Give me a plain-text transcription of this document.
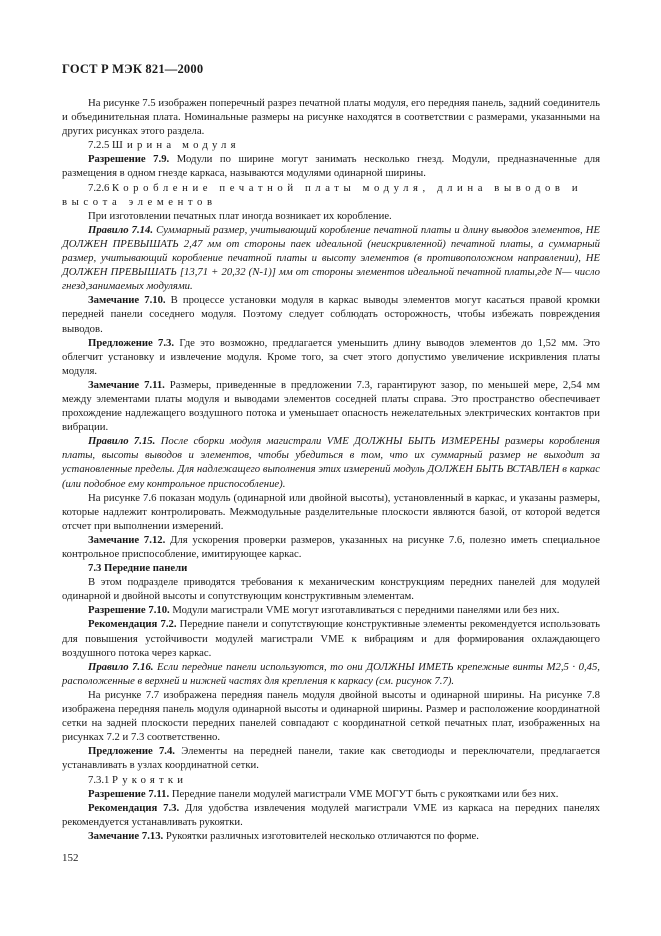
ГОСТ Р МЭК 821—2000

На рисунке 7.5 изображен поперечный разрез печатной платы модуля, его передняя панель, задний соединитель и объединительная плата. Номинальные размеры на рисунке находятся в соответствии с размерами, указанными на других рисунках этого раздела.

7.2.5 Ширина модуля

Разрешение 7.9. Модули по ширине могут занимать несколько гнезд. Модули, предназначенные для размещения в одном гнезде каркаса, называются модулями одинарной ширины.

7.2.6 Коробление печатной платы модуля, длина выводов и высота элементов

При изготовлении печатных плат иногда возникает их коробление.

Правило 7.14. Суммарный размер, учитывающий коробление печатной платы и длину выводов элементов, НЕ ДОЛЖЕН ПРЕВЫШАТЬ 2,47 мм от стороны паек идеальной (неискривленной) печатной платы, а суммарный размер, учитывающий коробление печатной платы и высоту элементов (в противоположном направлении), НЕ ДОЛЖЕН ПРЕВЫШАТЬ [13,71 + 20,32 (N-1)] мм от стороны элементов идеальной печатной платы,где N— число гнезд,занимаемых модулями.

Замечание 7.10. В процессе установки модуля в каркас выводы элементов могут касаться правой кромки передней панели соседнего модуля. Поэтому следует соблюдать осторожность, чтобы избежать повреждения выводов.

Предложение 7.3. Где это возможно, предлагается уменьшить длину выводов элементов до 1,52 мм. Это облегчит установку и извлечение модуля. Кроме того, за счет этого допустимо увеличение искривления платы модуля.

Замечание 7.11. Размеры, приведенные в предложении 7.3, гарантируют зазор, по меньшей мере, 2,54 мм между элементами платы модуля и выводами элементов соседней платы справа. Это пространство обеспечивает прохождение надлежащего воздушного потока и уменьшает опасность нежелательных электрических контактов при вибрации.

Правило 7.15. После сборки модуля магистрали VME ДОЛЖНЫ БЫТЬ ИЗМЕРЕНЫ размеры коробления платы, высоты выводов и элементов, чтобы убедиться в том, что их суммарный размер не выходит за установленные пределы. Для надлежащего выполнения этих измерений модуль ДОЛЖЕН БЫТЬ ВСТАВЛЕН в каркас (или подобное ему контрольное приспособление).

На рисунке 7.6 показан модуль (одинарной или двойной высоты), установленный в каркас, и указаны размеры, которые надлежит контролировать. Межмодульные разделительные плоскости являются базой, от которой ведется отсчет при выполнении измерений.

Замечание 7.12. Для ускорения проверки размеров, указанных на рисунке 7.6, полезно иметь специальное контрольное приспособление, имитирующее каркас.

7.3 Передние панели

В этом подразделе приводятся требования к механическим конструкциям передних панелей для модулей одинарной и двойной высоты и сопутствующим конструктивным элементам.

Разрешение 7.10. Модули магистрали VME могут изготавливаться с передними панелями или без них.

Рекомендация 7.2. Передние панели и сопутствующие конструктивные элементы рекомендуется использовать для повышения устойчивости модулей магистрали VME к вибрациям и для формирования охлаждающего воздушного потока через каркас.

Правило 7.16. Если передние панели используются, то они ДОЛЖНЫ ИМЕТЬ крепежные винты М2,5 · 0,45, расположенные в верхней и нижней частях для крепления к каркасу (см. рисунок 7.7).

На рисунке 7.7 изображена передняя панель модуля двойной высоты и одинарной ширины. На рисунке 7.8 изображена передняя панель модуля одинарной высоты и одинарной ширины. Размер и расположение координатной сетки на задней плоскости передних панелей совпадают с координатной сеткой печатных плат, изображенных на рисунках 7.2 и 7.3 соответственно.

Предложение 7.4. Элементы на передней панели, такие как светодиоды и переключатели, предлагается устанавливать в узлах координатной сетки.

7.3.1 Рукоятки

Разрешение 7.11. Передние панели модулей магистрали VME МОГУТ быть с рукоятками или без них.

Рекомендация 7.3. Для удобства извлечения модулей магистрали VME из каркаса на передних панелях рекомендуется устанавливать рукоятки.

Замечание 7.13. Рукоятки различных изготовителей несколько отличаются по форме.

152
